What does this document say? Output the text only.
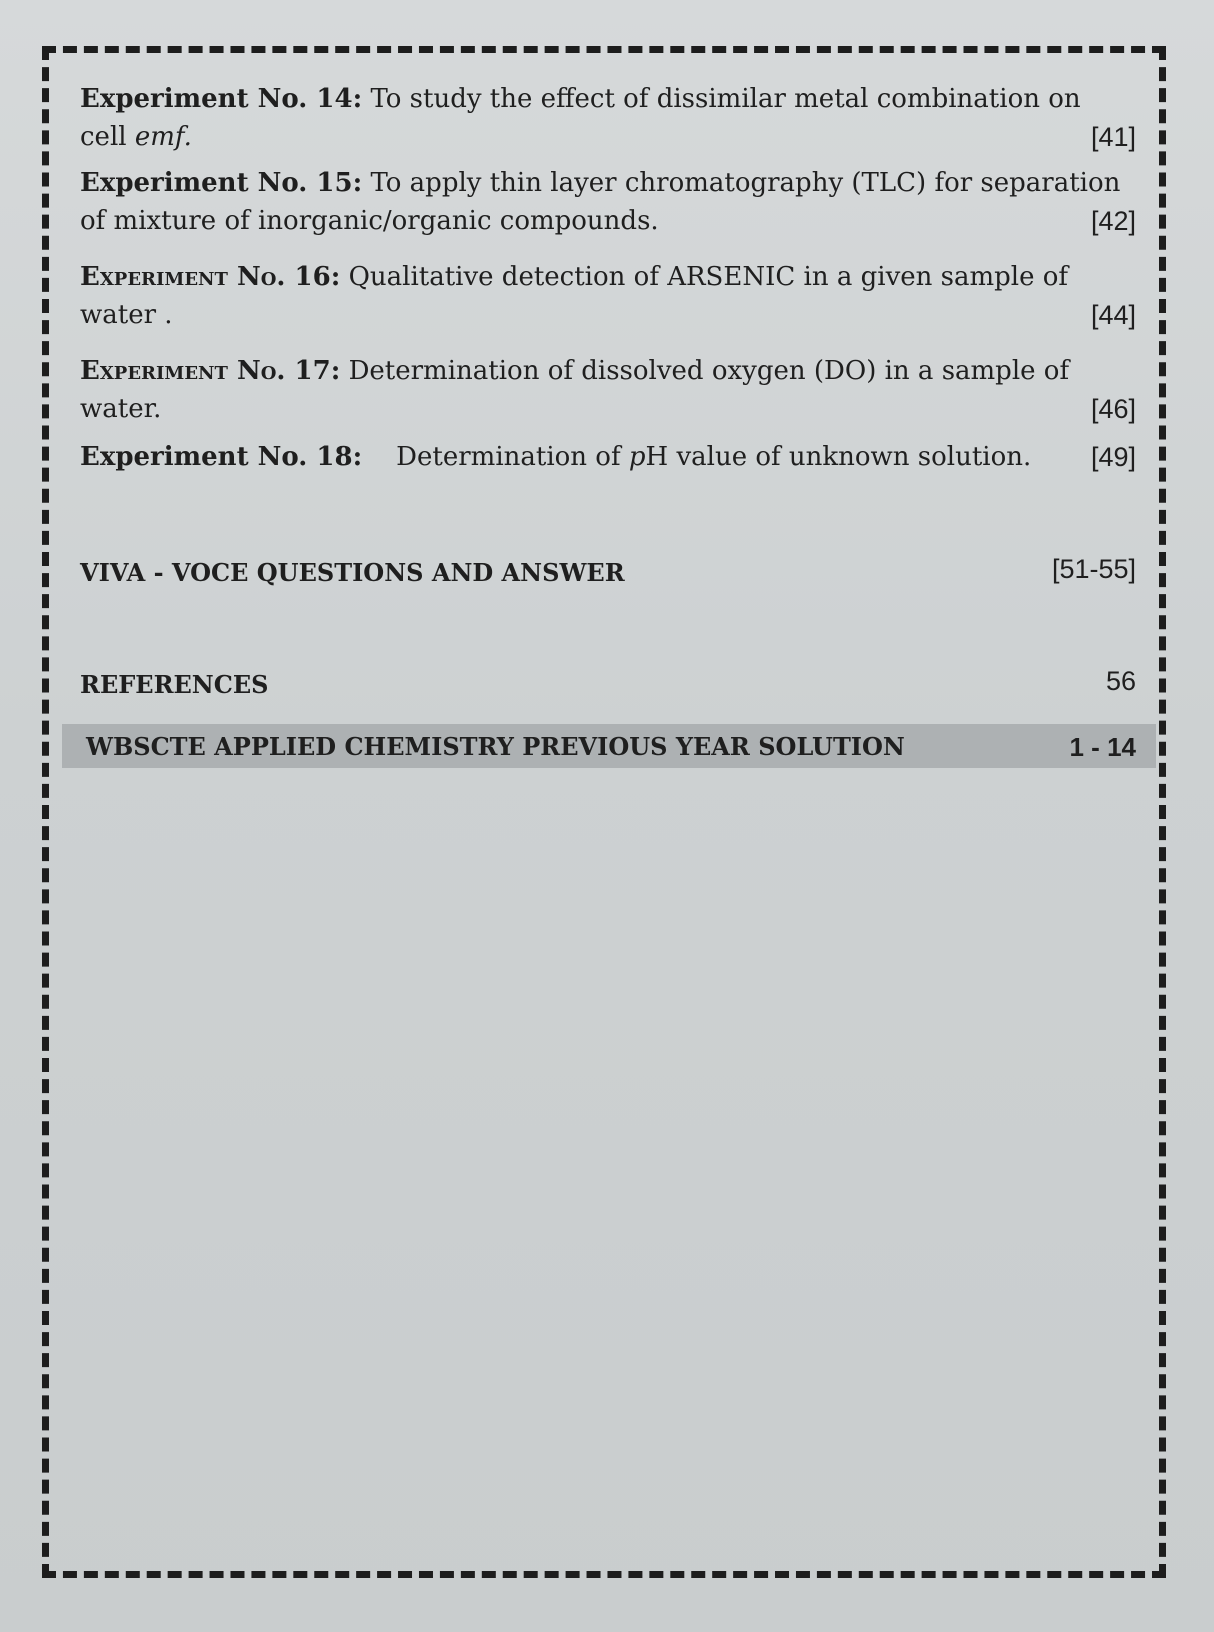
Experiment No. 14: To study the effect of dissimilar metal combination on
cell emf.	[41]
Experiment No. 15: To apply thin layer chromatography (TLC) for separation
of mixture of inorganic/organic compounds.	[42]
Experiment No. 16: Qualitative detection of ARSENIC in a given sample of
water .	[44]
Experiment No. 17: Determination of dissolved oxygen (DO) in a sample of
water.	[46]
Experiment No. 18: Determination of pH value of unknown solution. [49]
VIVA - VOCE QUESTIONS AND ANSWER	[51-55]
REFERENCES	56
WBSCTE APPLIED CHEMISTRY PREVIOUS YEAR SOLUTION	1 - 14
